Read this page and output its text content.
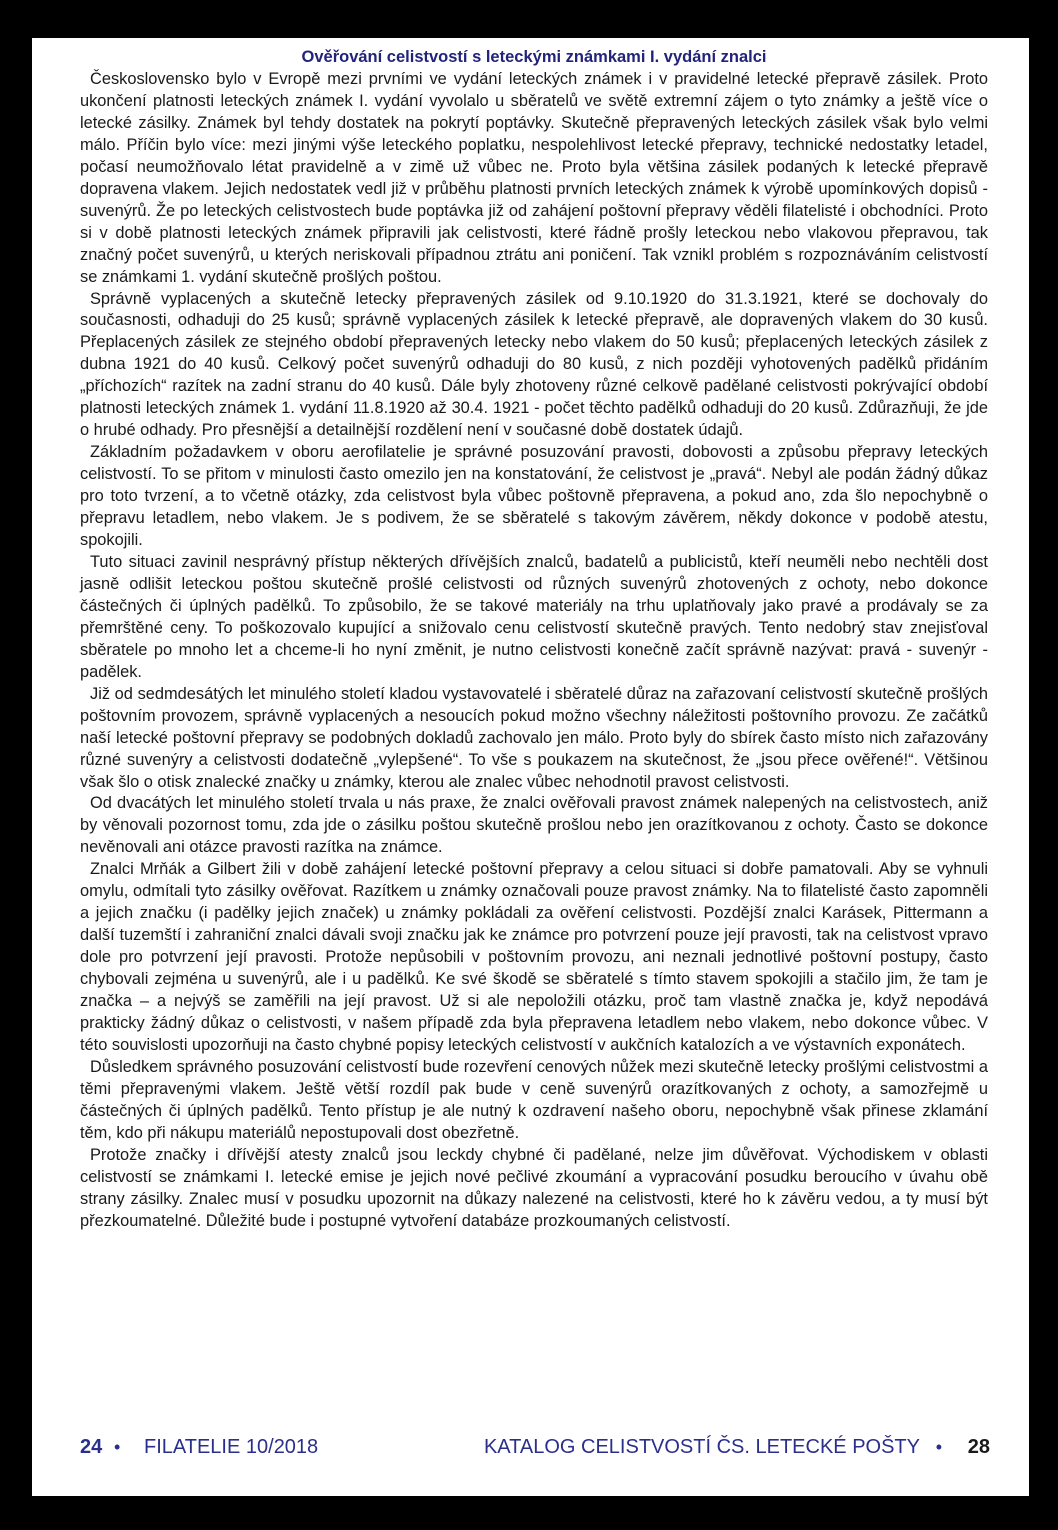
Ověřování celistvostí s leteckými známkami I. vydání znalci

Československo bylo v Evropě mezi prvními ve vydání leteckých známek i v pravidelné letecké přepravě zásilek. Proto ukončení platnosti leteckých známek I. vydání vyvolalo u sběratelů ve světě extremní zájem o tyto známky a ještě více o letecké zásilky. Známek byl tehdy dostatek na pokrytí poptávky. Skutečně přepravených leteckých zásilek však bylo velmi málo. Příčin bylo více: mezi jinými výše leteckého poplatku, nespolehlivost letecké přepravy, technické nedostatky letadel, počasí neumožňovalo létat pravidelně a v zimě už vůbec ne. Proto byla většina zásilek podaných k letecké přepravě dopravena vlakem. Jejich nedostatek vedl již v průběhu platnosti prvních leteckých známek k výrobě upomínkových dopisů - suvenýrů. Že po leteckých celistvostech bude poptávka již od zahájení poštovní přepravy věděli filatelisté i obchodníci. Proto si v době platnosti leteckých známek připravili jak celistvosti, které řádně prošly leteckou nebo vlakovou přepravou, tak značný počet suvenýrů, u kterých neriskovali případnou ztrátu ani poničení. Tak vznikl problém s rozpoznáváním celistvostí se známkami 1. vydání skutečně prošlých poštou.

Správně vyplacených a skutečně letecky přepravených zásilek od 9.10.1920 do 31.3.1921, které se dochovaly do současnosti, odhaduji do 25 kusů; správně vyplacených zásilek k letecké přepravě, ale dopravených vlakem do 30 kusů. Přeplacených zásilek ze stejného období přepravených letecky nebo vlakem do 50 kusů; přeplacených leteckých zásilek z dubna 1921 do 40 kusů. Celkový počet suvenýrů odhaduji do 80 kusů, z nich později vyhotovených padělků přidáním „příchozích“ razítek na zadní stranu do 40 kusů. Dále byly zhotoveny různé celkově padělané celistvosti pokrývající období platnosti leteckých známek 1. vydání 11.8.1920 až 30.4. 1921 - počet těchto padělků odhaduji do 20 kusů. Zdůrazňuji, že jde o hrubé odhady. Pro přesnější a detailnější rozdělení není v současné době dostatek údajů.

Základním požadavkem v oboru aerofilatelie je správné posuzování pravosti, dobovosti a způsobu přepravy leteckých celistvostí. To se přitom v minulosti často omezilo jen na konstatování, že celistvost je „pravá“. Nebyl ale podán žádný důkaz pro toto tvrzení, a to včetně otázky, zda celistvost byla vůbec poštovně přepravena, a pokud ano, zda šlo nepochybně o přepravu letadlem, nebo vlakem. Je s podivem, že se sběratelé s takovým závěrem, někdy dokonce v podobě atestu, spokojili.

Tuto situaci zavinil nesprávný přístup některých dřívějších znalců, badatelů a publicistů, kteří neuměli nebo nechtěli dost jasně odlišit leteckou poštou skutečně prošlé celistvosti od různých suvenýrů zhotovených z ochoty, nebo dokonce částečných či úplných padělků. To způsobilo, že se takové materiály na trhu uplatňovaly jako pravé a prodávaly se za přemrštěné ceny. To poškozovalo kupující a snižovalo cenu celistvostí skutečně pravých. Tento nedobrý stav znejisťoval sběratele po mnoho let a chceme-li ho nyní změnit, je nutno celistvosti konečně začít správně nazývat: pravá - suvenýr - padělek.

Již od sedmdesátých let minulého století kladou vystavovatelé i sběratelé důraz na zařazovaní celistvostí skutečně prošlých poštovním provozem, správně vyplacených a nesoucích pokud možno všechny náležitosti poštovního provozu. Ze začátků naší letecké poštovní přepravy se podobných dokladů zachovalo jen málo. Proto byly do sbírek často místo nich zařazovány různé suvenýry a celistvosti dodatečně „vylepšené“. To vše s poukazem na skutečnost, že „jsou přece ověřené!“. Většinou však šlo o otisk znalecké značky u známky, kterou ale znalec vůbec nehodnotil pravost celistvosti.

Od dvacátých let minulého století trvala u nás praxe, že znalci ověřovali pravost známek nalepených na celistvostech, aniž by věnovali pozornost tomu, zda jde o zásilku poštou skutečně prošlou nebo jen orazítkovanou z ochoty. Často se dokonce nevěnovali ani otázce pravosti razítka na známce.

Znalci Mrňák a Gilbert žili v době zahájení letecké poštovní přepravy a celou situaci si dobře pamatovali. Aby se vyhnuli omylu, odmítali tyto zásilky ověřovat. Razítkem u známky označovali pouze pravost známky. Na to filatelisté často zapomněli a jejich značku (i padělky jejich značek) u známky pokládali za ověření celistvosti. Pozdější znalci Karásek, Pittermann a další tuzemští i zahraniční znalci dávali svoji značku jak ke známce pro potvrzení pouze její pravosti, tak na celistvost vpravo dole pro potvrzení její pravosti. Protože nepůsobili v poštovním provozu, ani neznali jednotlivé poštovní postupy, často chybovali zejména u suvenýrů, ale i u padělků. Ke své škodě se sběratelé s tímto stavem spokojili a stačilo jim, že tam je značka – a nejvýš se zaměřili na její pravost. Už si ale nepoložili otázku, proč tam vlastně značka je, když nepodává prakticky žádný důkaz o celistvosti, v našem případě zda byla přepravena letadlem nebo vlakem, nebo dokonce vůbec. V této souvislosti upozorňuji na často chybné popisy leteckých celistvostí v aukčních katalozích a ve výstavních exponátech.

Důsledkem správného posuzování celistvostí bude rozevření cenových nůžek mezi skutečně letecky prošlými celistvostmi a těmi přepravenými vlakem. Ještě větší rozdíl pak bude v ceně suvenýrů orazítkovaných z ochoty, a samozřejmě u částečných či úplných padělků. Tento přístup je ale nutný k ozdravení našeho oboru, nepochybně však přinese zklamání těm, kdo při nákupu materiálů nepostupovali dost obezřetně.

Protože značky i dřívější atesty znalců jsou leckdy chybné či padělané, nelze jim důvěřovat. Východiskem v oblasti celistvostí se známkami I. letecké emise je jejich nové pečlivé zkoumání a vypracování posudku beroucího v úvahu obě strany zásilky. Znalec musí v posudku upozornit na důkazy nalezené na celistvosti, které ho k závěru vedou, a ty musí být přezkoumatelné. Důležité bude i postupné vytvoření databáze prozkoumaných celistvostí.

24 • FILATELIE 10/2018	KATALOG CELISTVOSTÍ ČS. LETECKÉ POŠTY • 28
